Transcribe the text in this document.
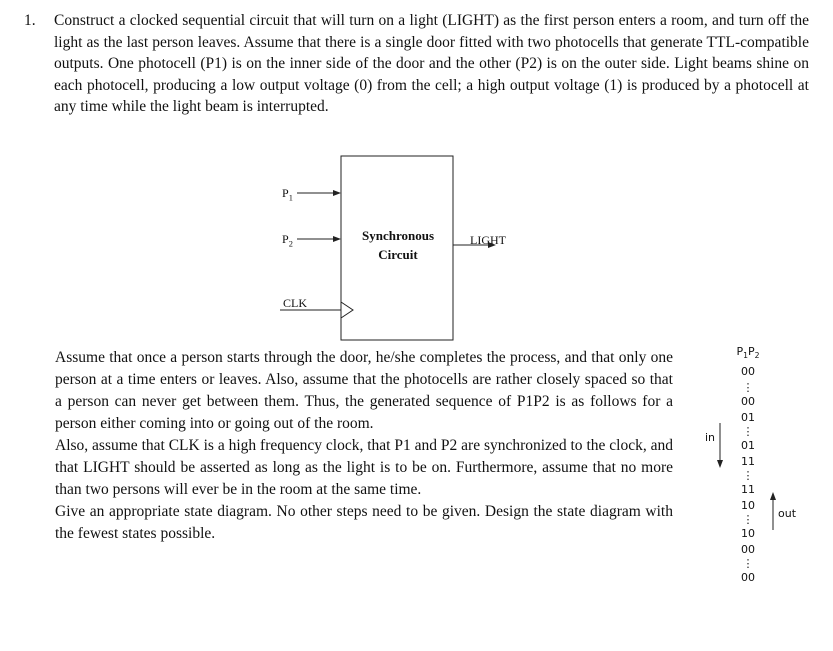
1. Construct a clocked sequential circuit that will turn on a light (LIGHT) as the first person enters a room, and turn off the light as the last person leaves. Assume that there is a single door fitted with two photocells that generate TTL-compatible outputs. One photocell (P1) is on the inner side of the door and the other (P2) is on the outer side. Light beams shine on each photocell, producing a low output voltage (0) from the cell; a high output voltage (1) is produced by a photocell at any time while the light beam is interrupted.
$P_1$
$P_2$
CLK
LIGHT
Synchronous
Circuit

Assume that once a person starts through the door, he/she completes the process, and that only one person at a time enters or leaves. Also, assume that the photocells are rather closely spaced so that a person can never get between them. Thus, the generated sequence of P1P2 is as follows for a person either coming into or going out of the room.

Also, assume that CLK is a high frequency clock, that P1 and P2 are synchronized to the clock, and that LIGHT should be asserted as long as the light is to be on. Furthermore, assume that no more than two persons will ever be in the room at the same time.

Give an appropriate state diagram. No other steps need to be given. Design the state diagram with the fewest states possible.

$P_1P_2$
00
⋮
00
01
⋮
01
11
⋮
11
10
⋮
10
00
⋮
00
in
out
